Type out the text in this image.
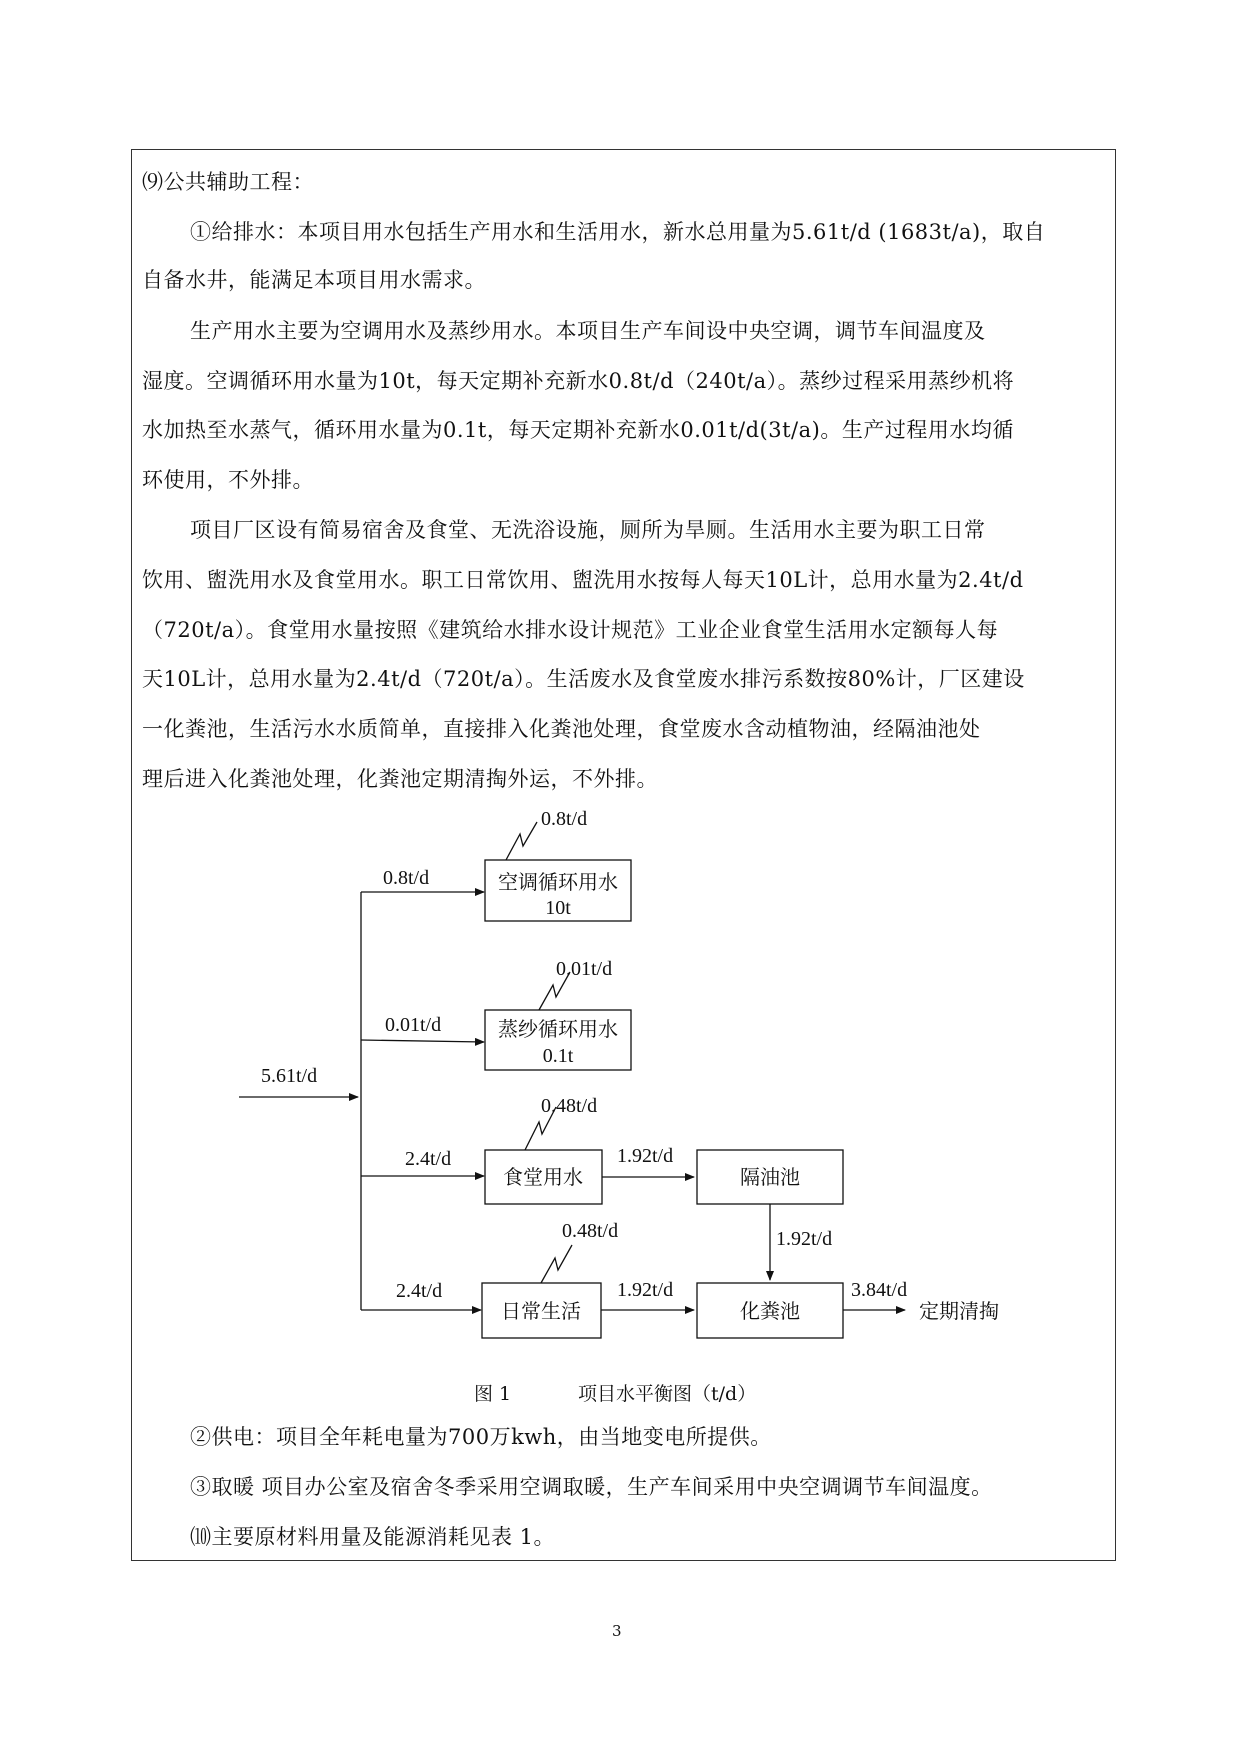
⑼公共辅助工程：
①给排水：本项目用水包括生产用水和生活用水，新水总用量为5.61t/d (1683t/a)，取自
自备水井，能满足本项目用水需求。
生产用水主要为空调用水及蒸纱用水。本项目生产车间设中央空调，调节车间温度及
湿度。空调循环用水量为10t，每天定期补充新水0.8t/d（240t/a）。蒸纱过程采用蒸纱机将
水加热至水蒸气，循环用水量为0.1t，每天定期补充新水0.01t/d(3t/a)。生产过程用水均循
环使用，不外排。
项目厂区设有简易宿舍及食堂、无洗浴设施，厕所为旱厕。生活用水主要为职工日常
饮用、盥洗用水及食堂用水。职工日常饮用、盥洗用水按每人每天10L计，总用水量为2.4t/d
（720t/a）。食堂用水量按照《建筑给水排水设计规范》工业企业食堂生活用水定额每人每
天10L计，总用水量为2.4t/d（720t/a）。生活废水及食堂废水排污系数按80%计，厂区建设
一化粪池，生活污水水质简单，直接排入化粪池处理，食堂废水含动植物油，经隔油池处
理后进入化粪池处理，化粪池定期清掏外运，不外排。
5.61t/d
0.8t/d
0.8t/d
空调循环用水
10t
0.01t/d
0.01t/d
蒸纱循环用水
0.1t
2.4t/d
0.48t/d
食堂用水
1.92t/d
隔油池
1.92t/d
2.4t/d
0.48t/d
日常生活
1.92t/d
化粪池
3.84t/d
定期清掏
图 1	项目水平衡图（t/d）
②供电：项目全年耗电量为700万kwh，由当地变电所提供。
③取暖 项目办公室及宿舍冬季采用空调取暖，生产车间采用中央空调调节车间温度。
⑽主要原材料用量及能源消耗见表 1。
3
